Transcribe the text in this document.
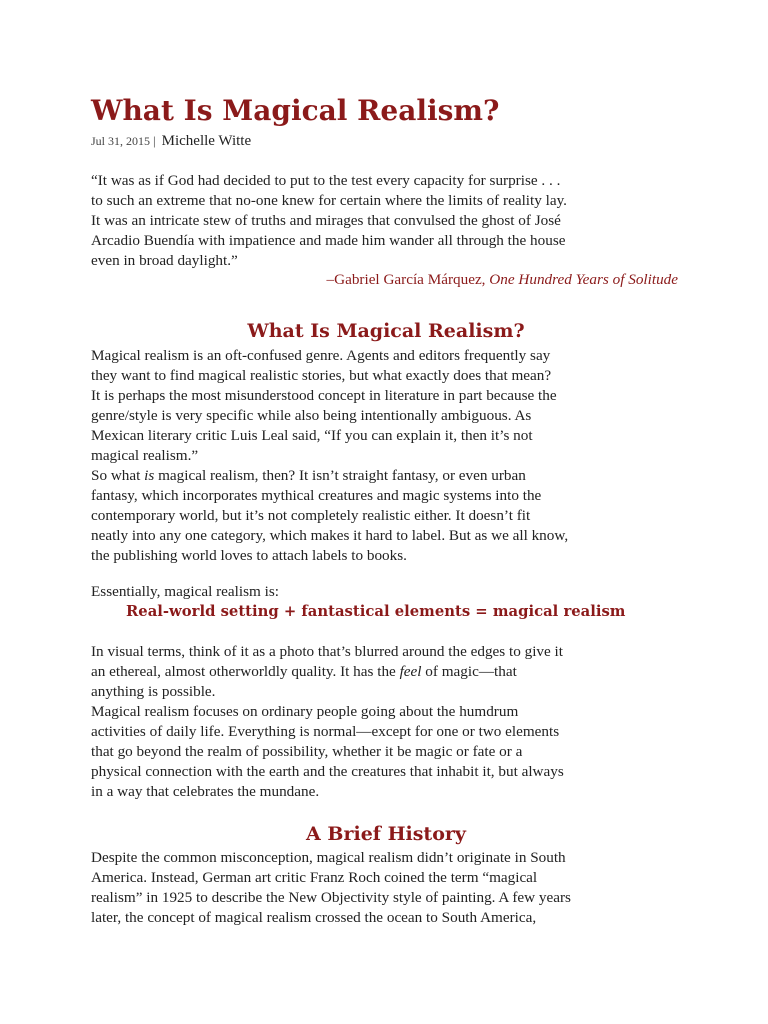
What Is Magical Realism?
Jul 31, 2015 | Michelle Witte

“It was as if God had decided to put to the test every capacity for surprise . . .

to such an extreme that no-one knew for certain where the limits of reality lay.

It was an intricate stew of truths and mirages that convulsed the ghost of José

Arcadio Buendía with impatience and made him wander all through the house

even in broad daylight.”

–Gabriel García Márquez, One Hundred Years of Solitude
What Is Magical Realism?

Magical realism is an oft-confused genre. Agents and editors frequently say

they want to find magical realistic stories, but what exactly does that mean?

It is perhaps the most misunderstood concept in literature in part because the

genre/style is very specific while also being intentionally ambiguous. As

Mexican literary critic Luis Leal said, “If you can explain it, then it’s not

magical realism.”

So what is magical realism, then? It isn’t straight fantasy, or even urban

fantasy, which incorporates mythical creatures and magic systems into the

contemporary world, but it’s not completely realistic either. It doesn’t fit

neatly into any one category, which makes it hard to label. But as we all know,

the publishing world loves to attach labels to books.

Essentially, magical realism is:

Real-world setting + fantastical elements = magical realism

In visual terms, think of it as a photo that’s blurred around the edges to give it

an ethereal, almost otherworldly quality. It has the feel of magic—that

anything is possible.

Magical realism focuses on ordinary people going about the humdrum

activities of daily life. Everything is normal—except for one or two elements

that go beyond the realm of possibility, whether it be magic or fate or a

physical connection with the earth and the creatures that inhabit it, but always

in a way that celebrates the mundane.

A Brief History

Despite the common misconception, magical realism didn’t originate in South

America. Instead, German art critic Franz Roch coined the term “magical

realism” in 1925 to describe the New Objectivity style of painting. A few years

later, the concept of magical realism crossed the ocean to South America,
